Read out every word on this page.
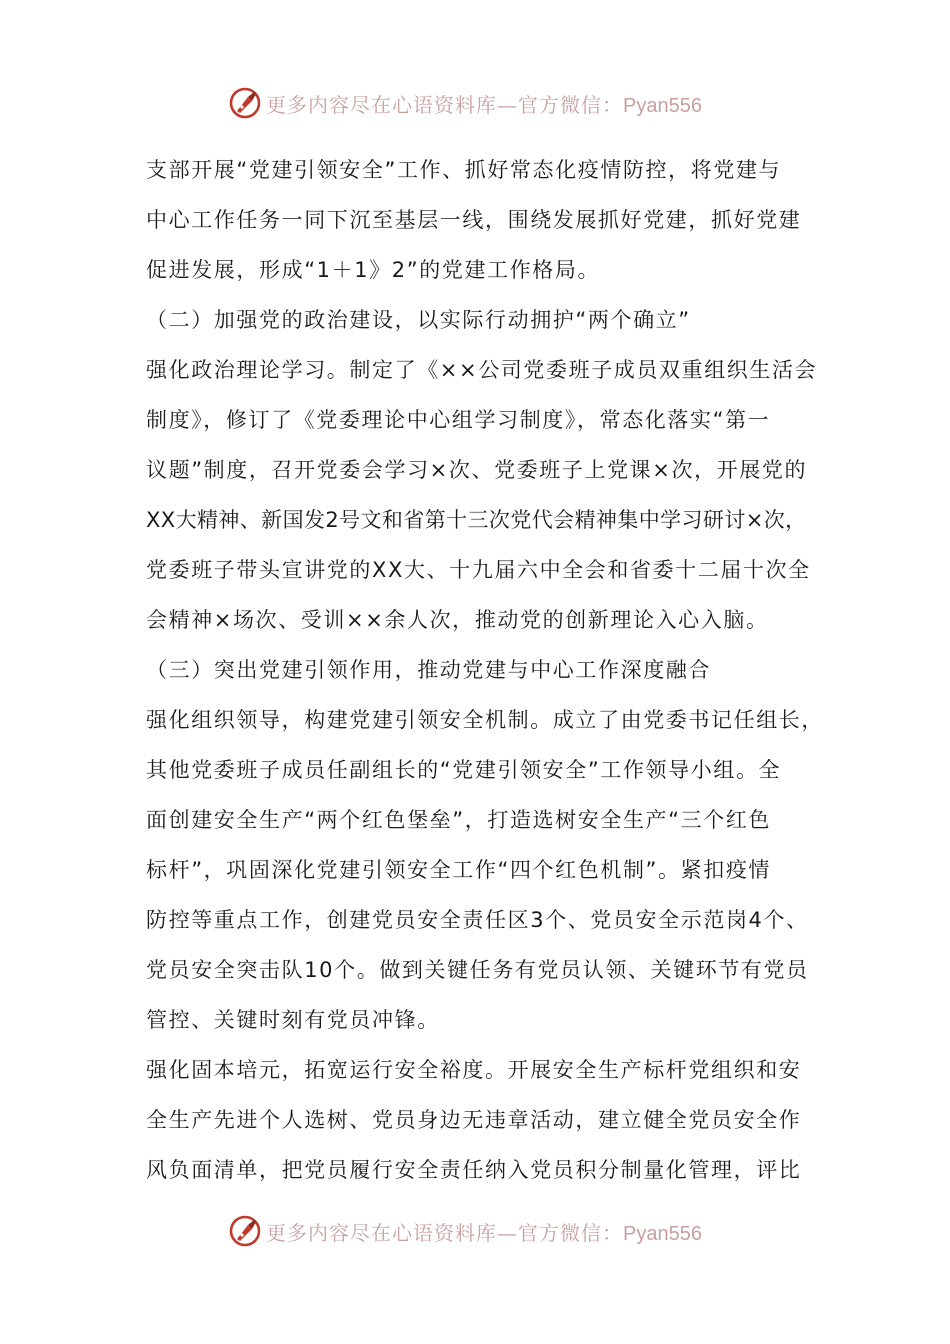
更多内容尽在心语资料库—官方微信：Pyan556
支部开展“党建引领安全”工作、抓好常态化疫情防控，将党建与
中心工作任务一同下沉至基层一线，围绕发展抓好党建，抓好党建
促进发展，形成“1＋1》2”的党建工作格局。
（二）加强党的政治建设，以实际行动拥护“两个确立”
强化政治理论学习。制定了《××公司党委班子成员双重组织生活会
制度》，修订了《党委理论中心组学习制度》，常态化落实“第一
议题”制度，召开党委会学习×次、党委班子上党课×次，开展党的
XX大精神、新国发2号文和省第十三次党代会精神集中学习研讨×次，
党委班子带头宣讲党的XX大、十九届六中全会和省委十二届十次全
会精神×场次、受训××余人次，推动党的创新理论入心入脑。
（三）突出党建引领作用，推动党建与中心工作深度融合
强化组织领导，构建党建引领安全机制。成立了由党委书记任组长，
其他党委班子成员任副组长的“党建引领安全”工作领导小组。全
面创建安全生产“两个红色堡垒”，打造选树安全生产“三个红色
标杆”，巩固深化党建引领安全工作“四个红色机制”。紧扣疫情
防控等重点工作，创建党员安全责任区3个、党员安全示范岗4个、
党员安全突击队10个。做到关键任务有党员认领、关键环节有党员
管控、关键时刻有党员冲锋。
强化固本培元，拓宽运行安全裕度。开展安全生产标杆党组织和安
全生产先进个人选树、党员身边无违章活动，建立健全党员安全作
风负面清单，把党员履行安全责任纳入党员积分制量化管理，评比
更多内容尽在心语资料库—官方微信：Pyan556
